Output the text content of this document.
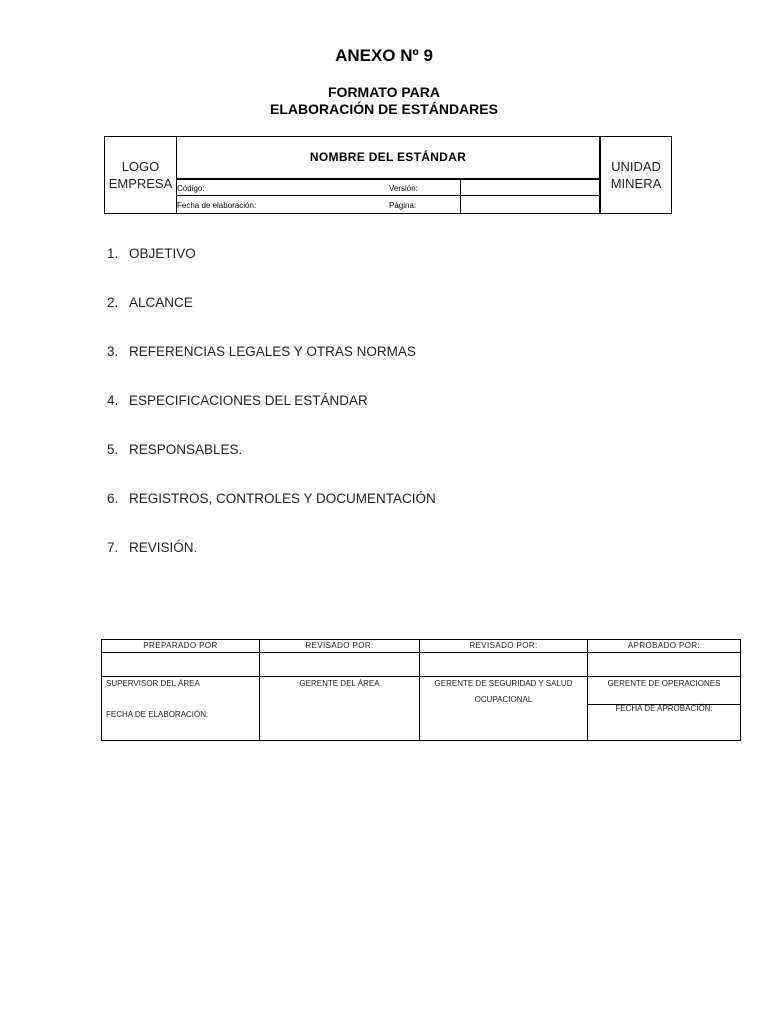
ANEXO Nº 9
FORMATO PARA
ELABORACIÓN DE ESTÁNDARES
LOGO
EMPRESA
NOMBRE DEL ESTÁNDAR
Código:	Versión:
Fecha de elaboración:	Página:
UNIDAD
MINERA
1. OBJETIVO
2. ALCANCE
3. REFERENCIAS LEGALES Y OTRAS NORMAS
4. ESPECIFICACIONES DEL ESTÁNDAR
5. RESPONSABLES.
6. REGISTROS, CONTROLES Y DOCUMENTACIÓN
7. REVISIÓN.
PREPARADO POR
SUPERVISOR DEL ÁREA
FECHA DE ELABORACIÓN:
REVISADO POR:
GERENTE DEL ÁREA
REVISADO POR:
GERENTE DE SEGURIDAD Y SALUD
OCUPACIONAL
APROBADO POR:
GERENTE DE OPERACIONES
FECHA DE APROBACIÓN:
